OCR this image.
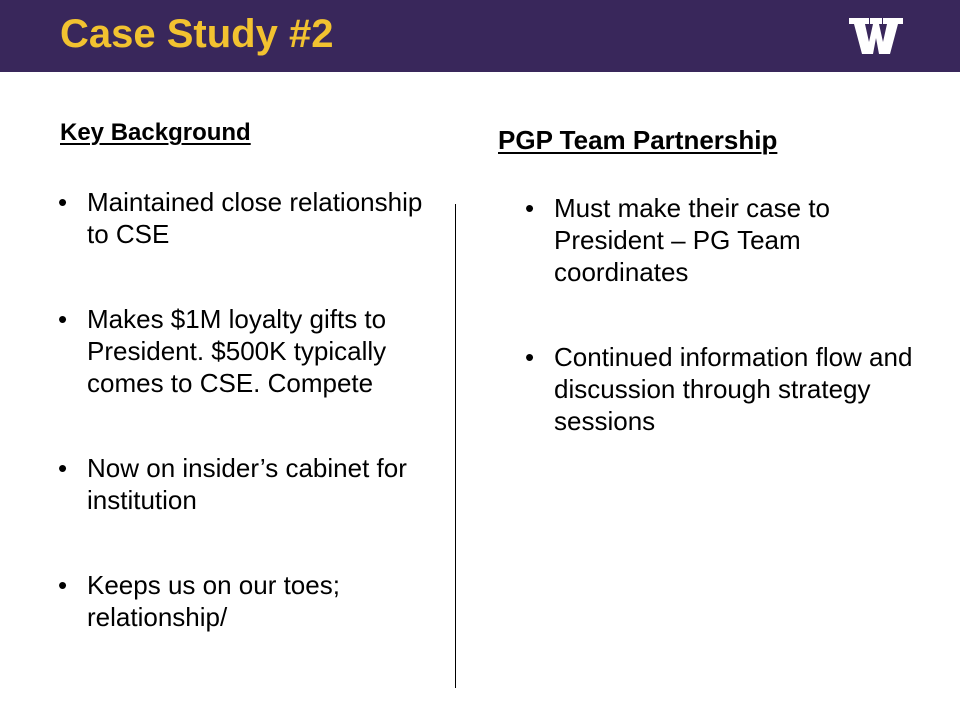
Case Study #2
Key Background	PGP Team Partnership
• Maintained close relationship to CSE
• Makes $1M loyalty gifts to President. $500K typically comes to CSE. Compete
• Now on insider’s cabinet for institution
• Keeps us on our toes; relationship/
• Must make their case to President – PG Team coordinates
• Continued information flow and discussion through strategy sessions
